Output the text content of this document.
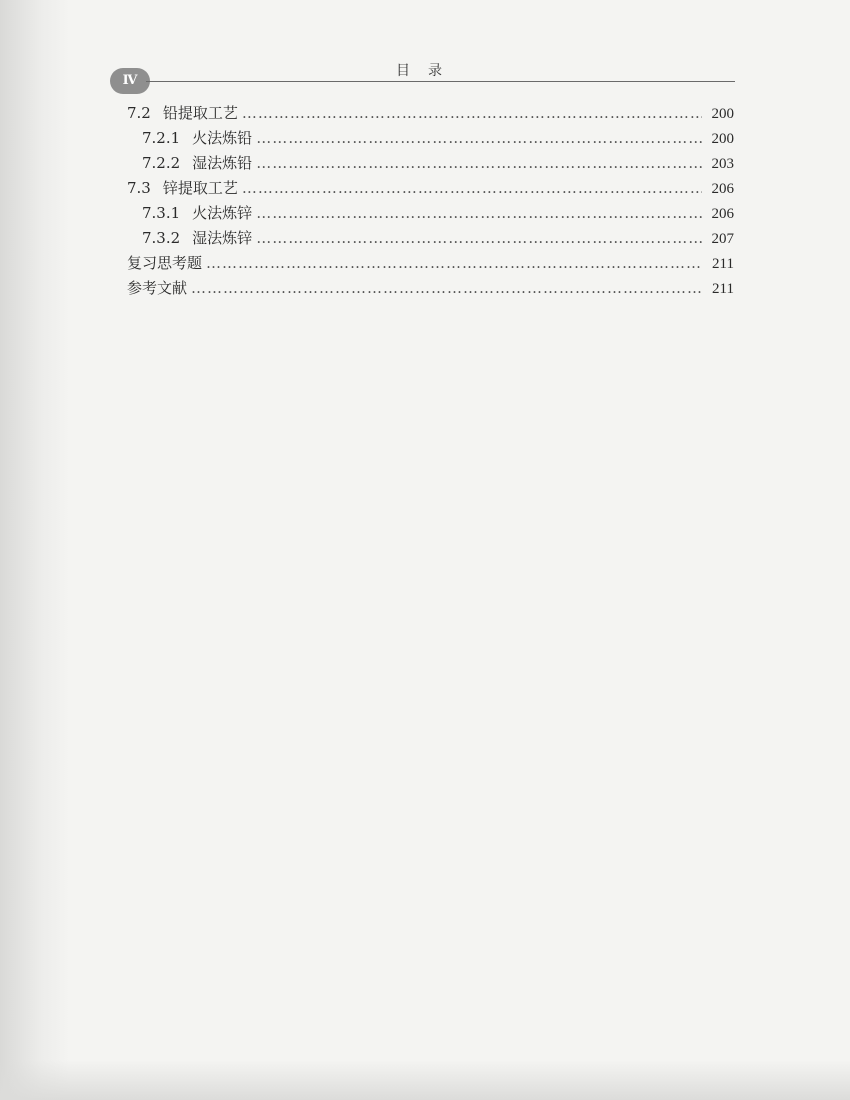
Ⅳ
目录
7.2 铅提取工艺 …………………………………………………………………………………………………………………………………………………………………………………………………………………………………………	200
7.2.1 火法炼铅 …………………………………………………………………………………………………………………………………………………………………………………………………………………………………………	200
7.2.2 湿法炼铅 …………………………………………………………………………………………………………………………………………………………………………………………………………………………………………	203
7.3 锌提取工艺 …………………………………………………………………………………………………………………………………………………………………………………………………………………………………………	206
7.3.1 火法炼锌 …………………………………………………………………………………………………………………………………………………………………………………………………………………………………………	206
7.3.2 湿法炼锌 …………………………………………………………………………………………………………………………………………………………………………………………………………………………………………	207
复习思考题 …………………………………………………………………………………………………………………………………………………………………………………………………………………………………………	211
参考文献 …………………………………………………………………………………………………………………………………………………………………………………………………………………………………………	211
